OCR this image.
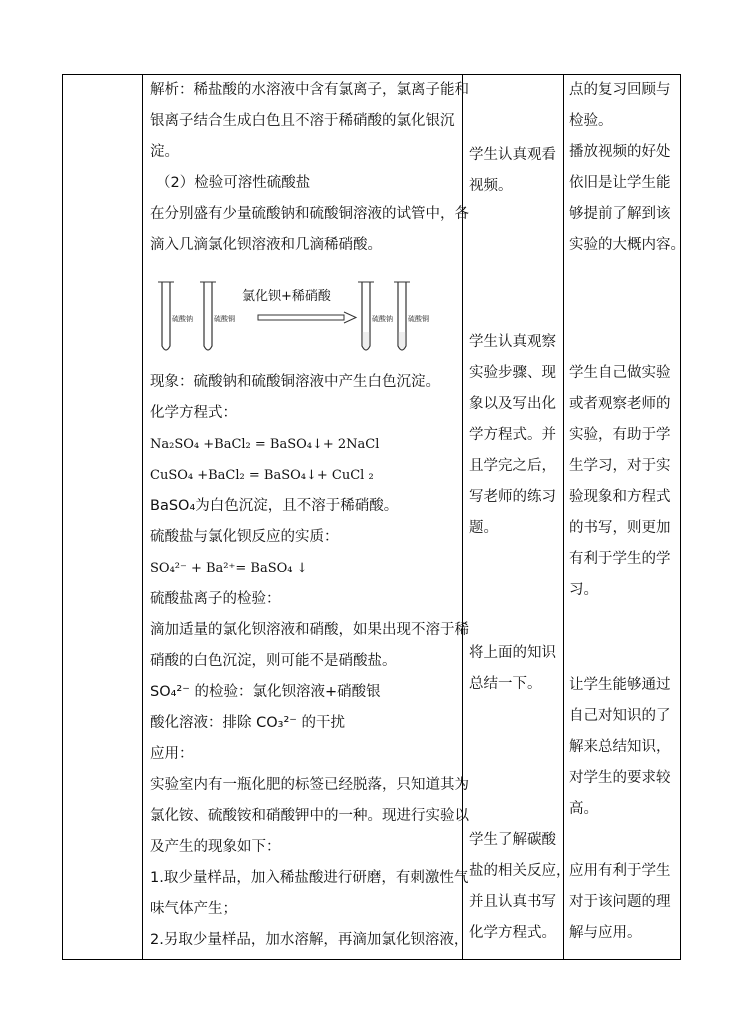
解析：稀盐酸的水溶液中含有氯离子，氯离子能和
银离子结合生成白色且不溶于稀硝酸的氯化银沉
淀。
（2）检验可溶性硫酸盐
在分别盛有少量硫酸钠和硫酸铜溶液的试管中，各
滴入几滴氯化钡溶液和几滴稀硝酸。
硫酸钠	硫酸铜	硫酸钠 硫酸铜
氯化钡+稀硝酸
现象：硫酸钠和硫酸铜溶液中产生白色沉淀。
化学方程式：
Na₂SO₄ +BaCl₂ = BaSO₄↓+ 2NaCl
CuSO₄ +BaCl₂ = BaSO₄↓+ CuCl ₂
BaSO₄为白色沉淀，且不溶于稀硝酸。
硫酸盐与氯化钡反应的实质：
SO₄²⁻ + Ba²⁺= BaSO₄ ↓
硫酸盐离子的检验：
滴加适量的氯化钡溶液和硝酸，如果出现不溶于稀
硝酸的白色沉淀，则可能不是硝酸盐。
SO₄²⁻ 的检验：氯化钡溶液+硝酸银
酸化溶液：排除 CO₃²⁻ 的干扰
应用：
实验室内有一瓶化肥的标签已经脱落，只知道其为
氯化铵、硫酸铵和硝酸钾中的一种。现进行实验以
及产生的现象如下：
1.取少量样品，加入稀盐酸进行研磨，有刺激性气
味气体产生；
2.另取少量样品，加水溶解，再滴加氯化钡溶液，
学生认真观看
视频。
学生认真观察
实验步骤、现
象以及写出化
学方程式。并
且学完之后，
写老师的练习
题。
将上面的知识
总结一下。
学生了解碳酸
盐的相关反应，
并且认真书写
化学方程式。
点的复习回顾与
检验。
播放视频的好处
依旧是让学生能
够提前了解到该
实验的大概内容。
学生自己做实验
或者观察老师的
实验，有助于学
生学习，对于实
验现象和方程式
的书写，则更加
有利于学生的学
习。
让学生能够通过
自己对知识的了
解来总结知识，
对学生的要求较
高。
应用有利于学生
对于该问题的理
解与应用。
